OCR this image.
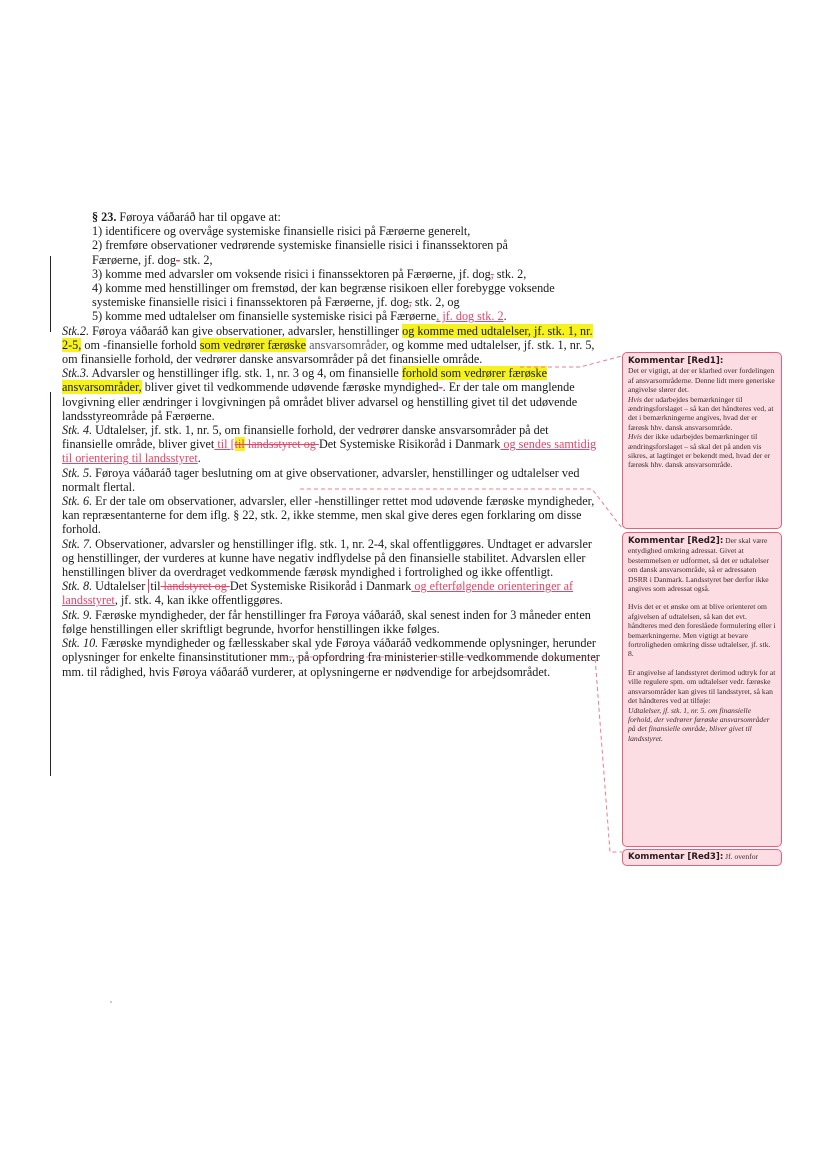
§ 23. Føroya váðaráð har til opgave at:

1) identificere og overvåge systemiske finansielle risici på Færøerne generelt,

2) fremføre observationer vedrørende systemiske finansielle risici i finanssektoren på
Færøerne, jf. dog- stk. 2,

3) komme med advarsler om voksende risici i finanssektoren på Færøerne, jf. dog, stk. 2,

4) komme med henstillinger om fremstød, der kan begrænse risikoen eller forebygge voksende
systemiske finansielle risici i finanssektoren på Færøerne, jf. dog, stk. 2, og

5) komme med udtalelser om finansielle systemiske risici på Færøerne, jf. dog stk. 2.

Stk.2. Føroya váðaráð kan give observationer, advarsler, henstillinger og komme med udtalelser, jf. stk. 1, nr. 2-5, om -finansielle forhold som vedrører færøske ansvarsområder, og komme med udtalelser, jf. stk. 1, nr. 5, om finansielle forhold, der vedrører danske ansvarsområder på det finansielle område.

Stk.3. Advarsler og henstillinger iflg. stk. 1, nr. 3 og 4, om finansielle forhold som vedrører færøske ansvarsområder, bliver givet til vedkommende udøvende færøske myndighed-. Er der tale om manglende lovgivning eller ændringer i lovgivningen på området bliver advarsel og henstilling givet til det udøvende landsstyreområde på Færøerne.

Stk. 4. Udtalelser, jf. stk. 1, nr. 5, om finansielle forhold, der vedrører danske ansvarsområder på det finansielle område, bliver givet til [til landsstyret og Det Systemiske Risikoråd i Danmark og sendes samtidig til orientering til landsstyret.

Stk. 5. Føroya váðaráð tager beslutning om at give observationer, advarsler, henstillinger og udtalelser ved normalt flertal.

Stk. 6. Er der tale om observationer, advarsler, eller -henstillinger rettet mod udøvende færøske myndigheder, kan repræsentanterne for dem iflg. § 22, stk. 2, ikke stemme, men skal give deres egen forklaring om disse forhold.

Stk. 7. Observationer, advarsler og henstillinger iflg. stk. 1, nr. 2-4, skal offentliggøres. Undtaget er advarsler og henstillinger, der vurderes at kunne have negativ indflydelse på den finansielle stabilitet. Advarslen eller henstillingen bliver da overdraget vedkommende færøsk myndighed i fortrolighed og ikke offentligt.

Stk. 8. Udtalelser til landstyret og Det Systemiske Risikoråd i Danmark og efterfølgende orienteringer af landsstyret, jf. stk. 4, kan ikke offentliggøres.

Stk. 9. Færøske myndigheder, der får henstillinger fra Føroya váðaráð, skal senest inden for 3 måneder enten følge henstillingen eller skriftligt begrunde, hvorfor henstillingen ikke følges.

Stk. 10. Færøske myndigheder og fællesskaber skal yde Føroya váðaráð vedkommende oplysninger, herunder oplysninger for enkelte finansinstitutioner mm., på opfordring fra ministerier stille vedkommende dokumenter mm. til rådighed, hvis Føroya váðaráð vurderer, at oplysningerne er nødvendige for arbejdsområdet.

Kommentar [Red1]:

Det er vigtigt, at der er klarhed over fordelingen af ansvarsområderne. Denne lidt mere generiske angivelse slører det.

Hvis der udarbejdes bemærkninger til ændringsforslaget – så kan det håndteres ved, at det i bemærkningerne angives, hvad der er færøsk hhv. dansk ansvarsområde.

Hvis der ikke udarbejdes bemærkninger til ændringsforslaget – så skal det på anden vis sikres, at lagtinget er bekendt med, hvad der er færøsk hhv. dansk ansvarsområde.

Kommentar [Red2]: Der skal være entydighed omkring adressat. Givet at bestemmelsen er udformet, så det er udtalelser om dansk ansvarsområde, så er adressaten DSRR i Danmark. Landsstyret bør derfor ikke angives som adressat også.

Hvis det er et ønske om at blive orienteret om afgivelsen af udtalelsen, så kan det evt. håndteres med den foreslåede formulering eller i bemærkningerne. Men vigtigt at bevare fortroligheden omkring disse udtalelser, jf. stk. 8.

Er angivelse af landsstyret derimod udtryk for at ville regulere spm. om udtalelser vedr. færøske ansvarsområder kan gives til landsstyret, så kan det håndteres ved at tilføje:

Udtalelser, jf. stk. 1, nr. 5. om finansielle forhold, der vedrører færøske ansvarsområder på det finansielle område, bliver givet til landsstyret.

Kommentar [Red3]: Jf. ovenfor
